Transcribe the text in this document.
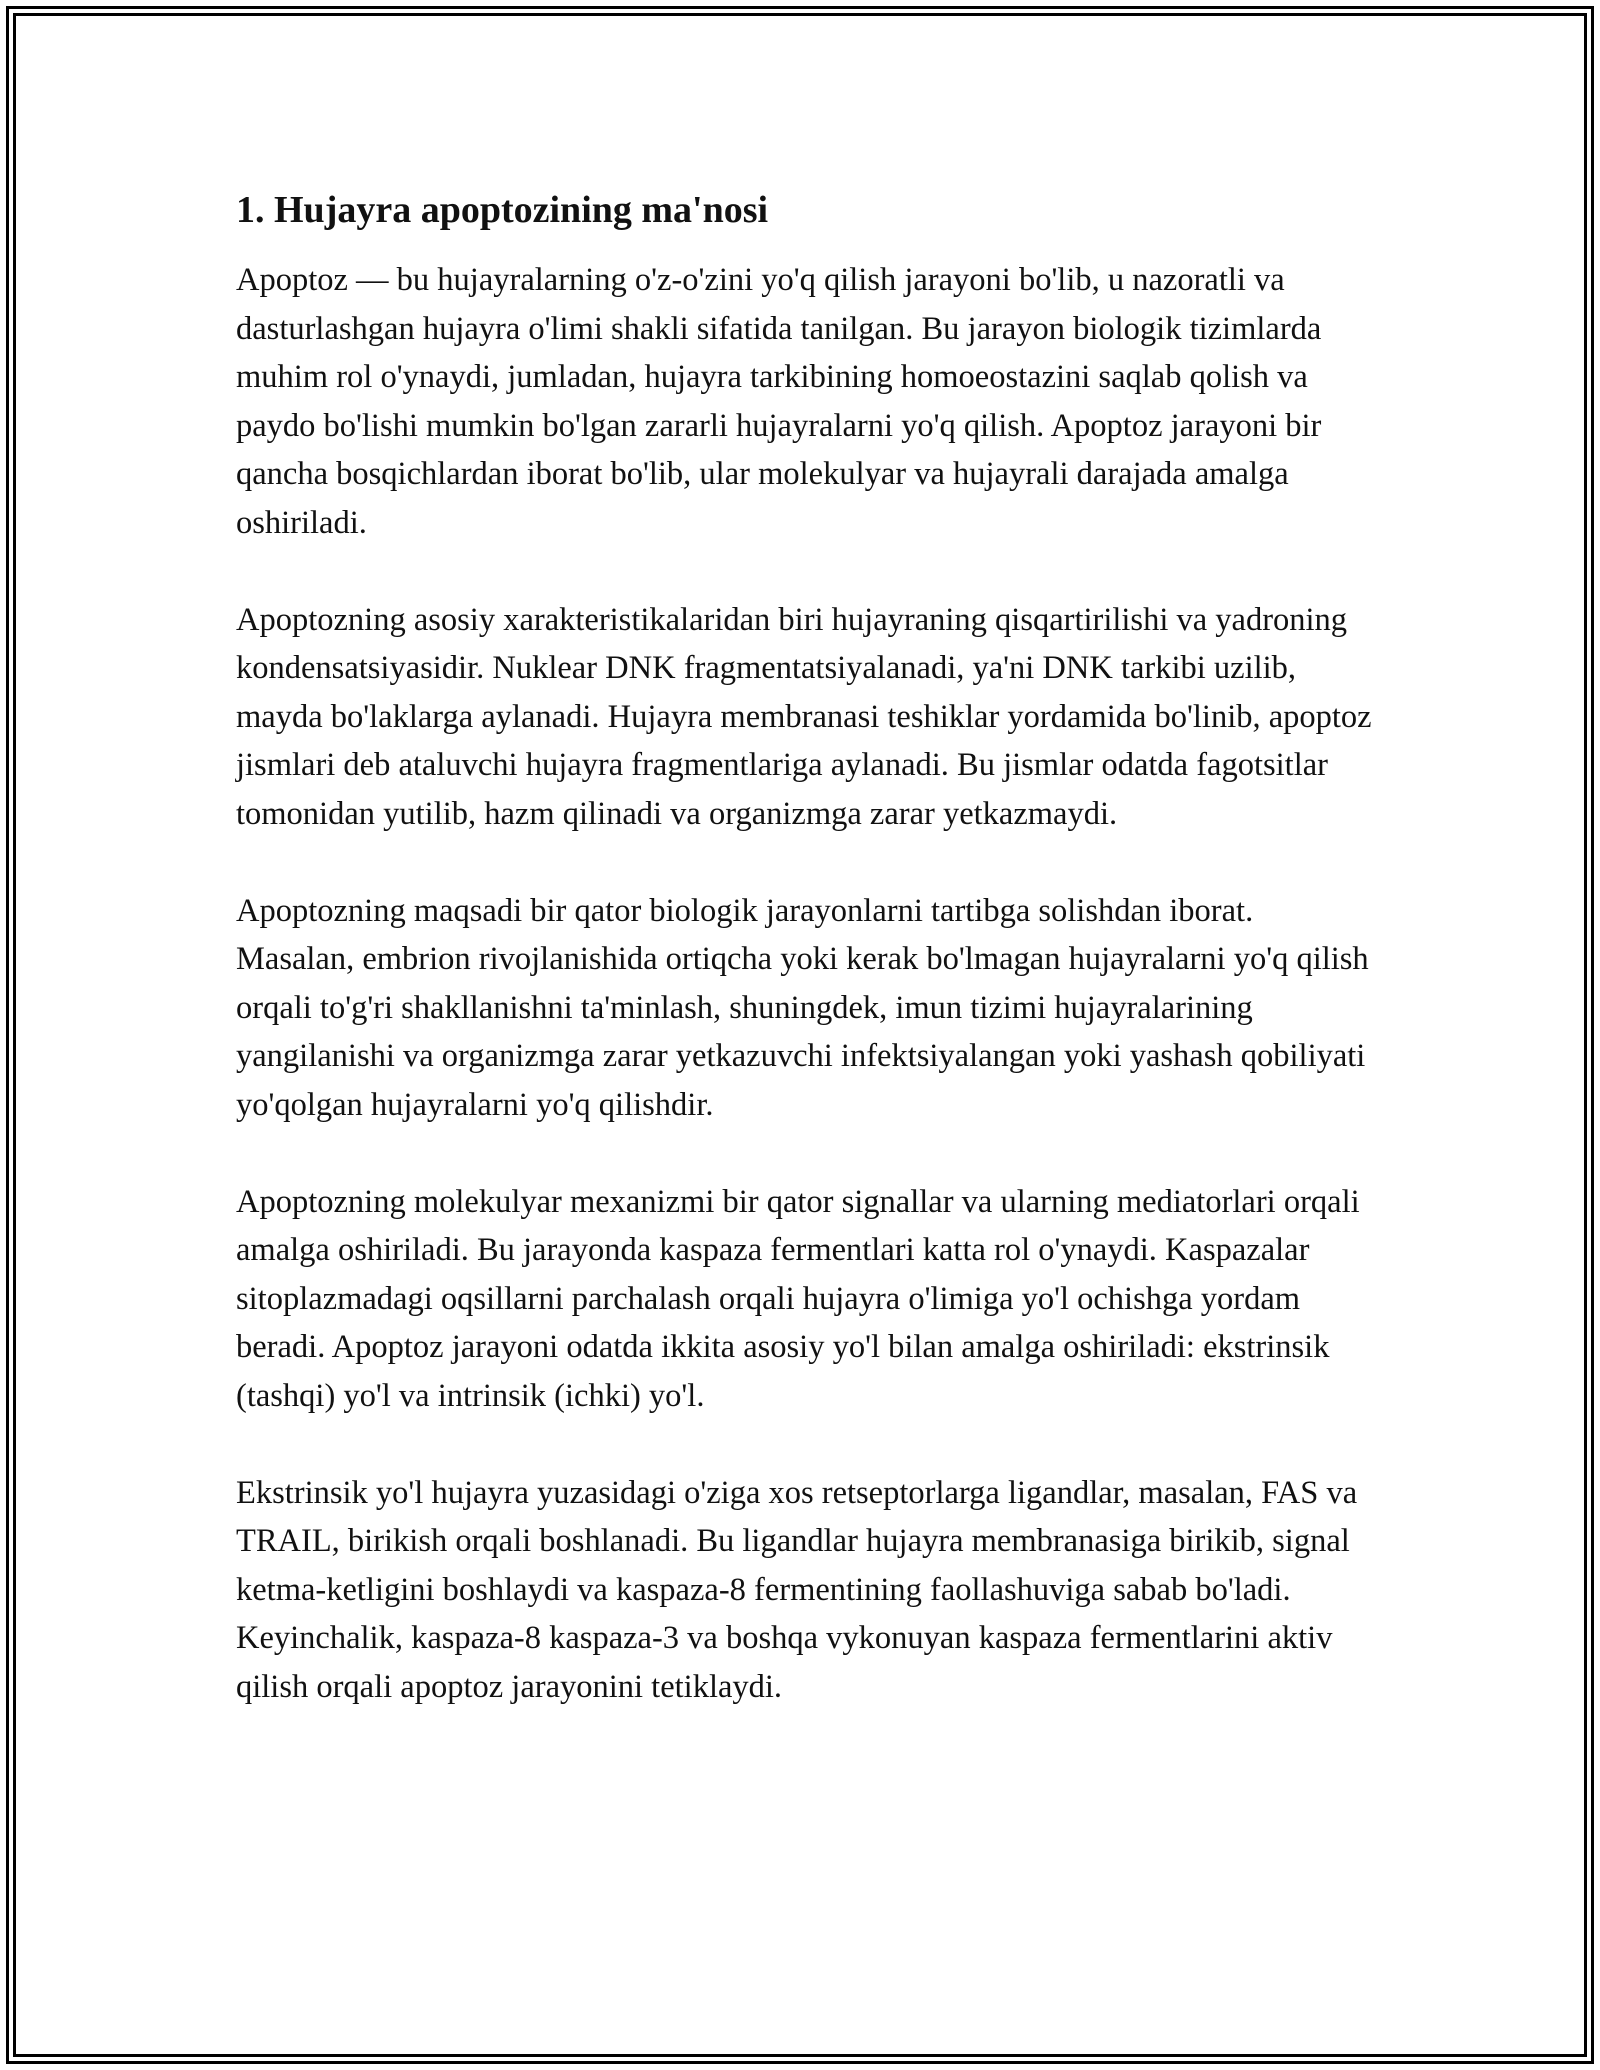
1. Hujayra apoptozining ma'nosi

Apoptoz — bu hujayralarning o'z-o'zini yo'q qilish jarayoni bo'lib, u nazoratli va dasturlashgan hujayra o'limi shakli sifatida tanilgan. Bu jarayon biologik tizimlarda muhim rol o'ynaydi, jumladan, hujayra tarkibining homoeostazini saqlab qolish va paydo bo'lishi mumkin bo'lgan zararli hujayralarni yo'q qilish. Apoptoz jarayoni bir qancha bosqichlardan iborat bo'lib, ular molekulyar va hujayrali darajada amalga oshiriladi.

Apoptozning asosiy xarakteristikalaridan biri hujayraning qisqartirilishi va yadroning kondensatsiyasidir. Nuklear DNK fragmentatsiyalanadi, ya'ni DNK tarkibi uzilib, mayda bo'laklarga aylanadi. Hujayra membranasi teshiklar yordamida bo'linib, apoptoz jismlari deb ataluvchi hujayra fragmentlariga aylanadi. Bu jismlar odatda fagotsitlar tomonidan yutilib, hazm qilinadi va organizmga zarar yetkazmaydi.

Apoptozning maqsadi bir qator biologik jarayonlarni tartibga solishdan iborat. Masalan, embrion rivojlanishida ortiqcha yoki kerak bo'lmagan hujayralarni yo'q qilish orqali to'g'ri shakllanishni ta'minlash, shuningdek, imun tizimi hujayralarining yangilanishi va organizmga zarar yetkazuvchi infektsiyalangan yoki yashash qobiliyati yo'qolgan hujayralarni yo'q qilishdir.

Apoptozning molekulyar mexanizmi bir qator signallar va ularning mediatorlari orqali amalga oshiriladi. Bu jarayonda kaspaza fermentlari katta rol o'ynaydi. Kaspazalar sitoplazmadagi oqsillarni parchalash orqali hujayra o'limiga yo'l ochishga yordam beradi. Apoptoz jarayoni odatda ikkita asosiy yo'l bilan amalga oshiriladi: ekstrinsik (tashqi) yo'l va intrinsik (ichki) yo'l.

Ekstrinsik yo'l hujayra yuzasidagi o'ziga xos retseptorlarga ligandlar, masalan, FAS va TRAIL, birikish orqali boshlanadi. Bu ligandlar hujayra membranasiga birikib, signal ketma-ketligini boshlaydi va kaspaza-8 fermentining faollashuviga sabab bo'ladi. Keyinchalik, kaspaza-8 kaspaza-3 va boshqa vykonuyan kaspaza fermentlarini aktiv qilish orqali apoptoz jarayonini tetiklaydi.
